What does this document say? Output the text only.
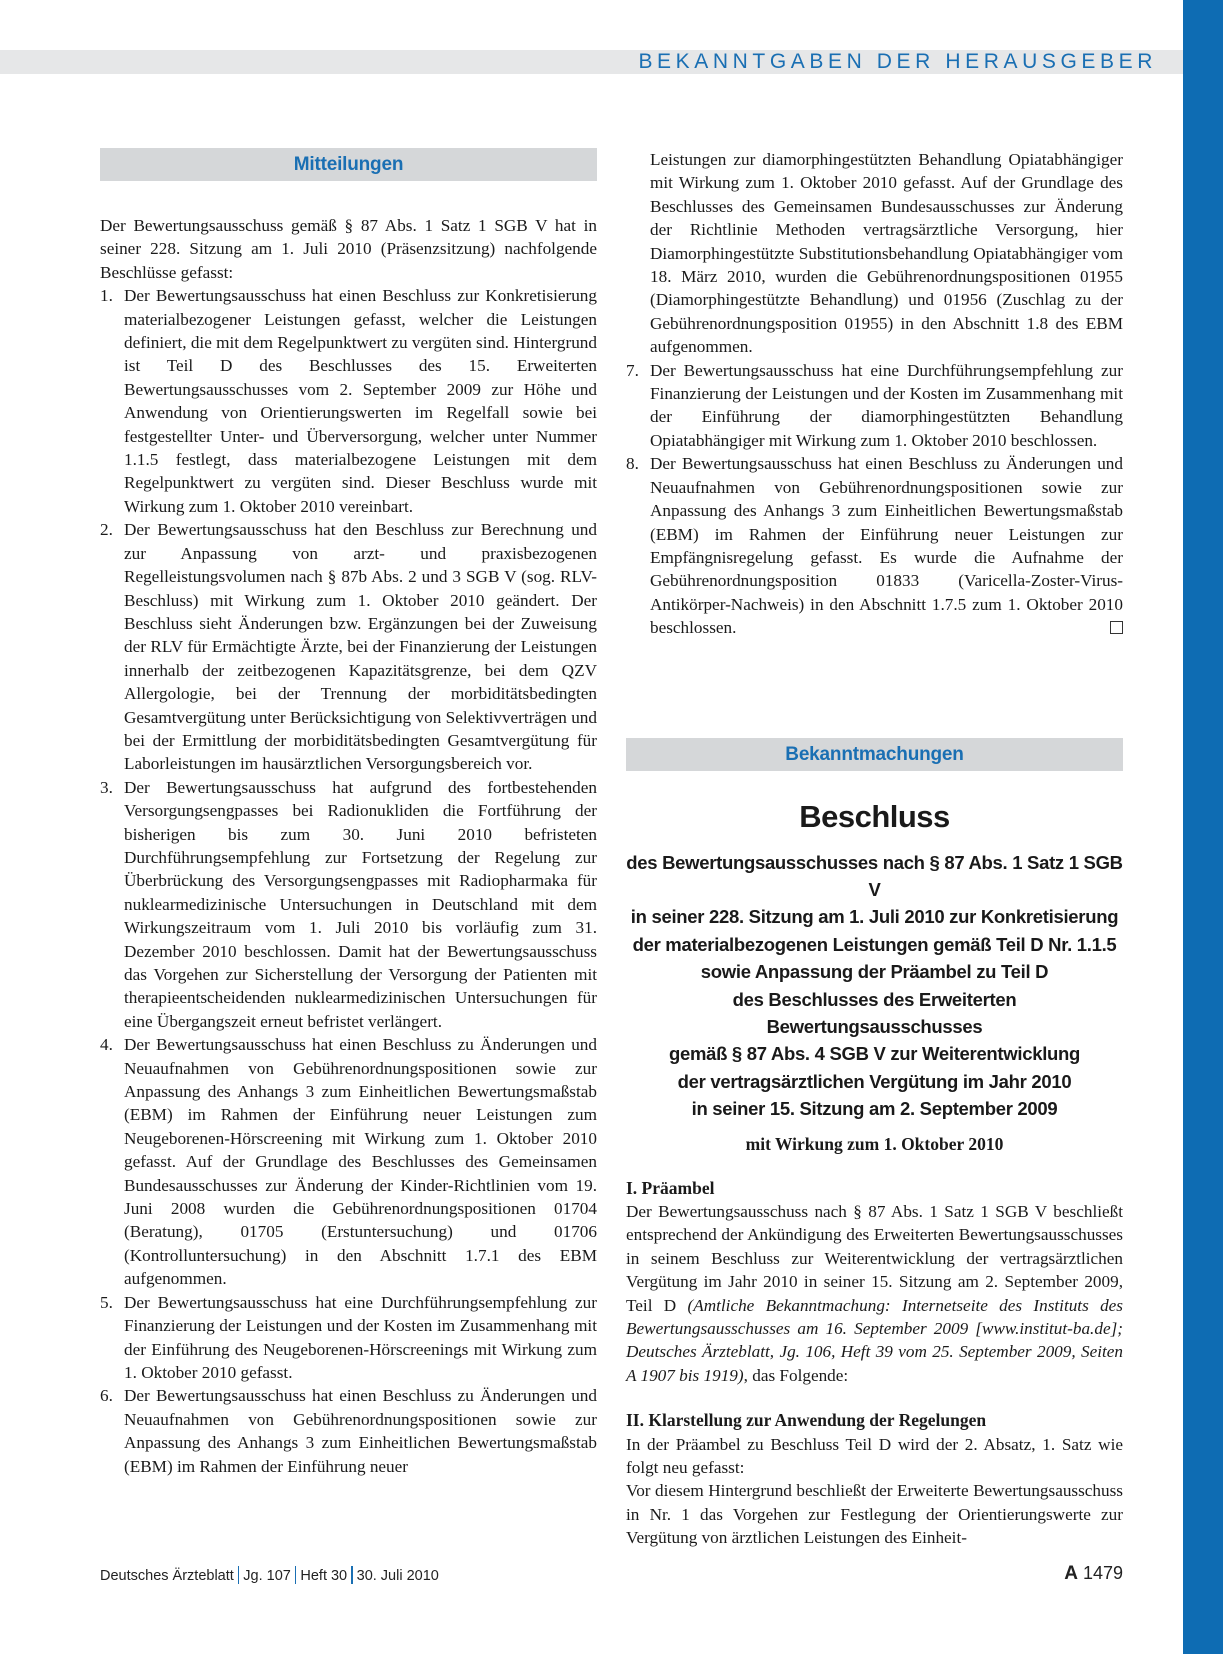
BEKANNTGABEN DER HERAUSGEBER
Mitteilungen

Der Bewertungsausschuss gemäß § 87 Abs. 1 Satz 1 SGB V hat in seiner 228. Sitzung am 1. Juli 2010 (Präsenzsitzung) nachfolgende Beschlüsse gefasst:

1. Der Bewertungsausschuss hat einen Beschluss zur Konkretisierung materialbezogener Leistungen gefasst, welcher die Leistungen definiert, die mit dem Regelpunktwert zu vergüten sind. Hintergrund ist Teil D des Beschlusses des 15. Erweiterten Bewertungsausschusses vom 2. September 2009 zur Höhe und Anwendung von Orientierungswerten im Regelfall sowie bei festgestellter Unter- und Überversorgung, welcher unter Nummer 1.1.5 festlegt, dass materialbezogene Leistungen mit dem Regelpunktwert zu vergüten sind. Dieser Beschluss wurde mit Wirkung zum 1. Oktober 2010 vereinbart.
2. Der Bewertungsausschuss hat den Beschluss zur Berechnung und zur Anpassung von arzt- und praxisbezogenen Regelleistungsvolumen nach § 87b Abs. 2 und 3 SGB V (sog. RLV-Beschluss) mit Wirkung zum 1. Oktober 2010 geändert. Der Beschluss sieht Änderungen bzw. Ergänzungen bei der Zuweisung der RLV für Ermächtigte Ärzte, bei der Finanzierung der Leistungen innerhalb der zeitbezogenen Kapazitätsgrenze, bei dem QZV Allergologie, bei der Trennung der morbiditätsbedingten Gesamtvergütung unter Berücksichtigung von Selektivverträgen und bei der Ermittlung der morbiditätsbedingten Gesamtvergütung für Laborleistungen im hausärztlichen Versorgungsbereich vor.
3. Der Bewertungsausschuss hat aufgrund des fortbestehenden Versorgungsengpasses bei Radionukliden die Fortführung der bisherigen bis zum 30. Juni 2010 befristeten Durchführungsempfehlung zur Fortsetzung der Regelung zur Überbrückung des Versorgungsengpasses mit Radiopharmaka für nuklearmedizinische Untersuchungen in Deutschland mit dem Wirkungszeitraum vom 1. Juli 2010 bis vorläufig zum 31. Dezember 2010 beschlossen. Damit hat der Bewertungsausschuss das Vorgehen zur Sicherstellung der Versorgung der Patienten mit therapieentscheidenden nuklearmedizinischen Untersuchungen für eine Übergangszeit erneut befristet verlängert.
4. Der Bewertungsausschuss hat einen Beschluss zu Änderungen und Neuaufnahmen von Gebührenordnungspositionen sowie zur Anpassung des Anhangs 3 zum Einheitlichen Bewertungsmaßstab (EBM) im Rahmen der Einführung neuer Leistungen zum Neugeborenen-Hörscreening mit Wirkung zum 1. Oktober 2010 gefasst. Auf der Grundlage des Beschlusses des Gemeinsamen Bundesausschusses zur Änderung der Kinder-Richtlinien vom 19. Juni 2008 wurden die Gebührenordnungspositionen 01704 (Beratung), 01705 (Erstuntersuchung) und 01706 (Kontrolluntersuchung) in den Abschnitt 1.7.1 des EBM aufgenommen.
5. Der Bewertungsausschuss hat eine Durchführungsempfehlung zur Finanzierung der Leistungen und der Kosten im Zusammenhang mit der Einführung des Neugeborenen-Hörscreenings mit Wirkung zum 1. Oktober 2010 gefasst.
6. Der Bewertungsausschuss hat einen Beschluss zu Änderungen und Neuaufnahmen von Gebührenordnungspositionen sowie zur Anpassung des Anhangs 3 zum Einheitlichen Bewertungsmaßstab (EBM) im Rahmen der Einführung neuer

Leistungen zur diamorphingestützten Behandlung Opiatabhängiger mit Wirkung zum 1. Oktober 2010 gefasst. Auf der Grundlage des Beschlusses des Gemeinsamen Bundesausschusses zur Änderung der Richtlinie Methoden vertragsärztliche Versorgung, hier Diamorphingestützte Substitutionsbehandlung Opiatabhängiger vom 18. März 2010, wurden die Gebührenordnungspositionen 01955 (Diamorphingestützte Behandlung) und 01956 (Zuschlag zu der Gebührenordnungsposition 01955) in den Abschnitt 1.8 des EBM aufgenommen.

7. Der Bewertungsausschuss hat eine Durchführungsempfehlung zur Finanzierung der Leistungen und der Kosten im Zusammenhang mit der Einführung der diamorphingestützten Behandlung Opiatabhängiger mit Wirkung zum 1. Oktober 2010 beschlossen.
8. Der Bewertungsausschuss hat einen Beschluss zu Änderungen und Neuaufnahmen von Gebührenordnungspositionen sowie zur Anpassung des Anhangs 3 zum Einheitlichen Bewertungsmaßstab (EBM) im Rahmen der Einführung neuer Leistungen zur Empfängnisregelung gefasst. Es wurde die Aufnahme der Gebührenordnungsposition 01833 (Varicella-Zoster-Virus-Antikörper-Nachweis) in den Abschnitt 1.7.5 zum 1. Oktober 2010 beschlossen.
Bekanntmachungen
Beschluss
des Bewertungsausschusses nach § 87 Abs. 1 Satz 1 SGB V
in seiner 228. Sitzung am 1. Juli 2010 zur Konkretisierung
der materialbezogenen Leistungen gemäß Teil D Nr. 1.1.5
sowie Anpassung der Präambel zu Teil D
des Beschlusses des Erweiterten Bewertungsausschusses
gemäß § 87 Abs. 4 SGB V zur Weiterentwicklung
der vertragsärztlichen Vergütung im Jahr 2010
in seiner 15. Sitzung am 2. September 2009
mit Wirkung zum 1. Oktober 2010
I. Präambel

Der Bewertungsausschuss nach § 87 Abs. 1 Satz 1 SGB V beschließt entsprechend der Ankündigung des Erweiterten Bewertungsausschusses in seinem Beschluss zur Weiterentwicklung der vertragsärztlichen Vergütung im Jahr 2010 in seiner 15. Sitzung am 2. September 2009, Teil D (Amtliche Bekanntmachung: Internetseite des Instituts des Bewertungsausschusses am 16. September 2009 [www.institut-ba.de]; Deutsches Ärzteblatt, Jg. 106, Heft 39 vom 25. September 2009, Seiten A 1907 bis 1919), das Folgende:

II. Klarstellung zur Anwendung der Regelungen

In der Präambel zu Beschluss Teil D wird der 2. Absatz, 1. Satz wie folgt neu gefasst:

Vor diesem Hintergrund beschließt der Erweiterte Bewertungsausschuss in Nr. 1 das Vorgehen zur Festlegung der Orientierungswerte zur Vergütung von ärztlichen Leistungen des Einheit-

Deutsches Ärzteblatt Jg. 107 Heft 30 30. Juli 2010	A 1479
